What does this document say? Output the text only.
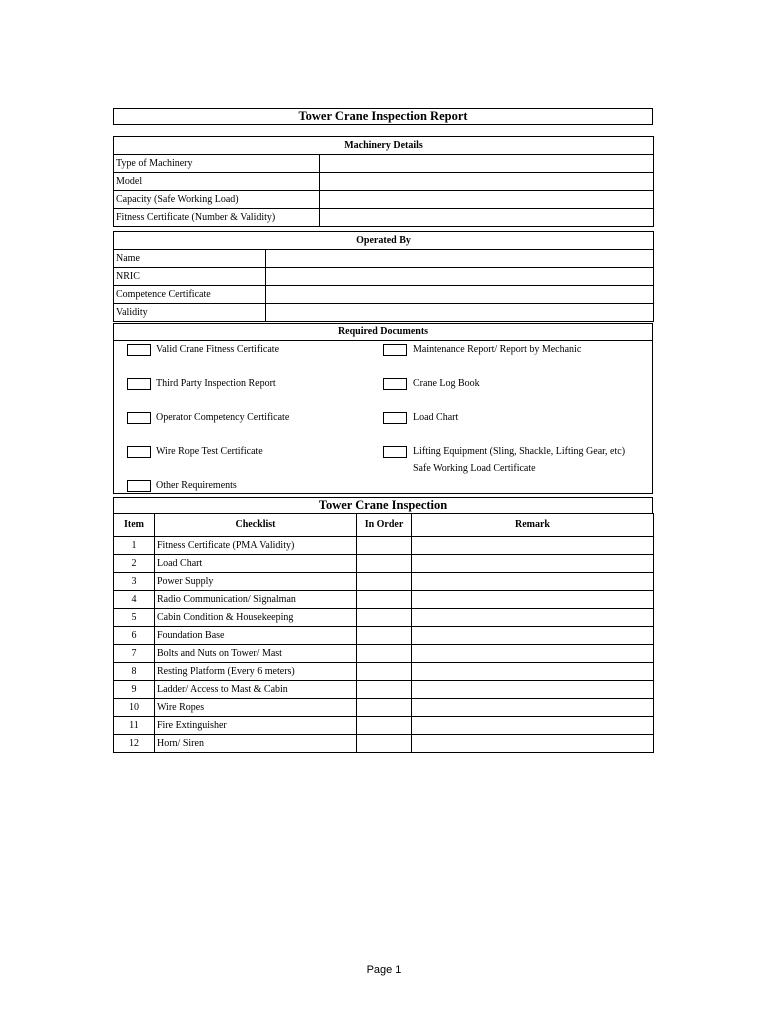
Tower Crane Inspection Report
Machinery Details	
Type of Machinery	
Model	
Capacity (Safe Working Load)	
Fitness Certificate (Number & Validity)	
Operated By	
Name	
NRIC	
Competence Certificate	
Validity	
Required Documents
Valid Crane Fitness Certificate
Third Party Inspection Report
Operator Competency Certificate
Wire Rope Test Certificate
Other Requirements
Maintenance Report/ Report by Mechanic
Crane Log Book
Load Chart
Lifting Equipment (Sling, Shackle, Lifting Gear, etc)
Safe Working Load Certificate
Tower Crane Inspection
Item	Checklist	In Order	Remark
1	Fitness Certificate (PMA Validity)		
2	Load Chart		
3	Power Supply		
4	Radio Communication/ Signalman		
5	Cabin Condition & Housekeeping		
6	Foundation Base		
7	Bolts and Nuts on Tower/ Mast		
8	Resting Platform (Every 6 meters)		
9	Ladder/ Access to Mast & Cabin		
10	Wire Ropes		
11	Fire Extinguisher		
12	Horn/ Siren		
Page 1
